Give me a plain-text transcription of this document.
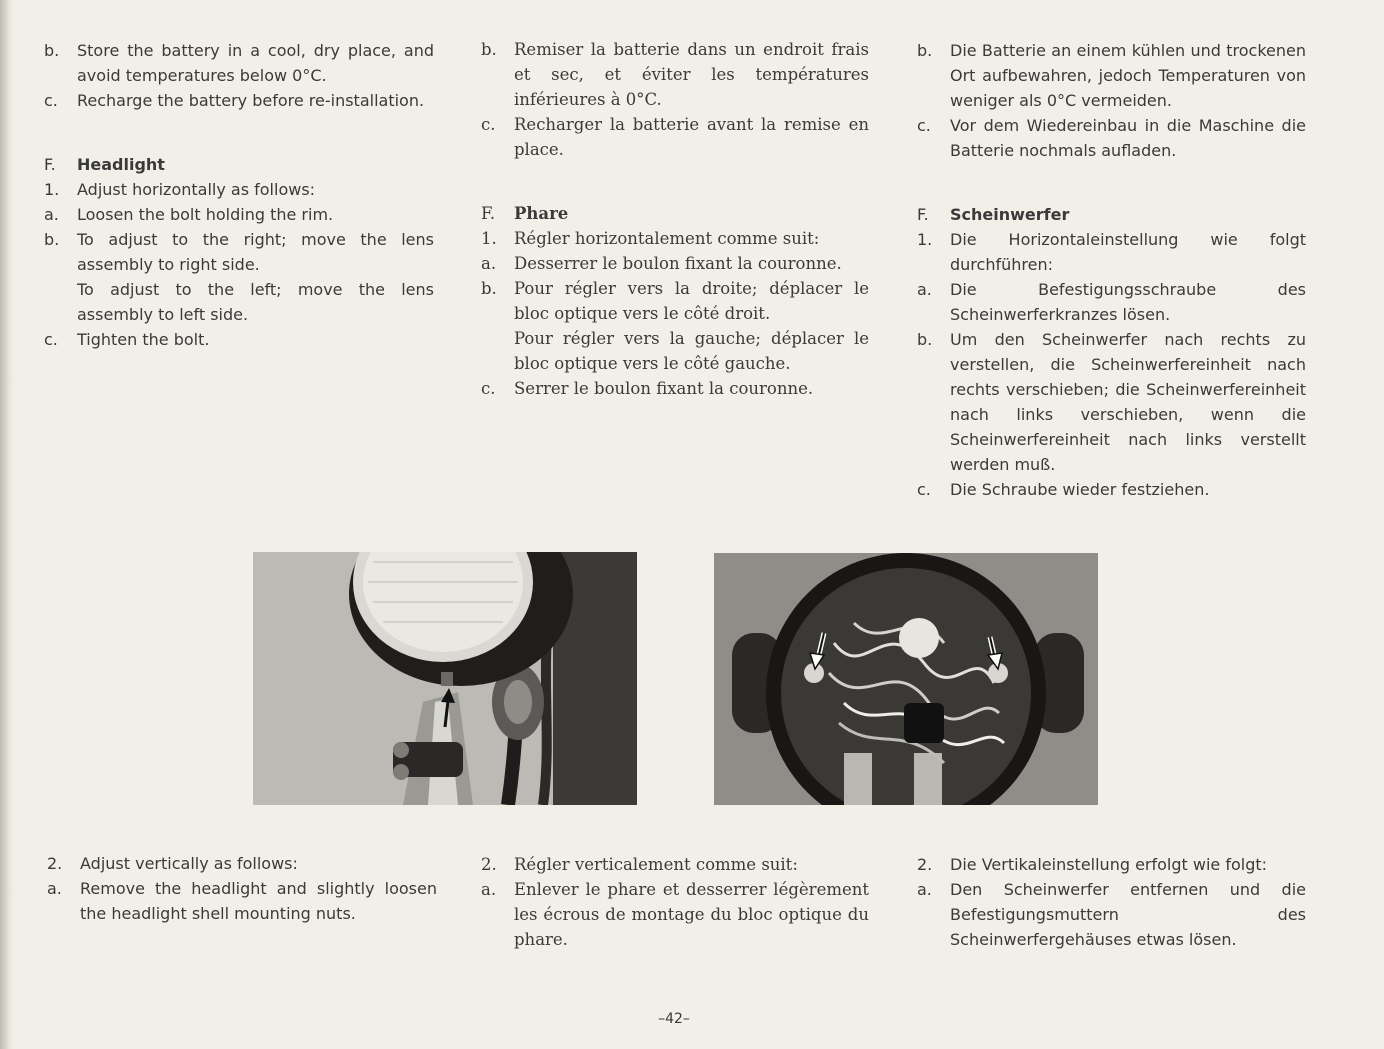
b.	Store the battery in a cool, dry place, and avoid temperatures below 0°C.
c.	Recharge the battery before re-installation.
F.	Headlight
1.	Adjust horizontally as follows:
a.	Loosen the bolt holding the rim.
b.	To adjust to the right; move the lens assembly to right side.
To adjust to the left; move the lens assembly to left side.
c.	Tighten the bolt.
b.	Remiser la batterie dans un endroit frais et sec, et éviter les températures inférieures à 0°C.
c.	Recharger la batterie avant la remise en place.
F.	Phare
1.	Régler horizontalement comme suit:
a.	Desserrer le boulon fixant la couronne.
b.	Pour régler vers la droite; déplacer le bloc optique vers le côté droit.
Pour régler vers la gauche; déplacer le bloc optique vers le côté gauche.
c.	Serrer le boulon fixant la couronne.
b.	Die Batterie an einem kühlen und trockenen Ort aufbewahren, jedoch Temperaturen von weniger als 0°C vermeiden.
c.	Vor dem Wiedereinbau in die Maschine die Batterie nochmals aufladen.
F.	Scheinwerfer
1.	Die Horizontaleinstellung wie folgt durchführen:
a.	Die Befestigungsschraube des Scheinwerferkranzes lösen.
b.	Um den Scheinwerfer nach rechts zu verstellen, die Scheinwerfereinheit nach rechts verschieben; die Scheinwerfereinheit nach links verschieben, wenn die Scheinwerfereinheit nach links verstellt werden muß.
c.	Die Schraube wieder festziehen.
2.	Adjust vertically as follows:
a.	Remove the headlight and slightly loosen the headlight shell mounting nuts.
2.	Régler verticalement comme suit:
a.	Enlever le phare et desserrer légèrement les écrous de montage du bloc optique du phare.
2.	Die Vertikaleinstellung erfolgt wie folgt:
a.	Den Scheinwerfer entfernen und die Befestigungsmuttern des Scheinwerfergehäuses etwas lösen.
–42–
